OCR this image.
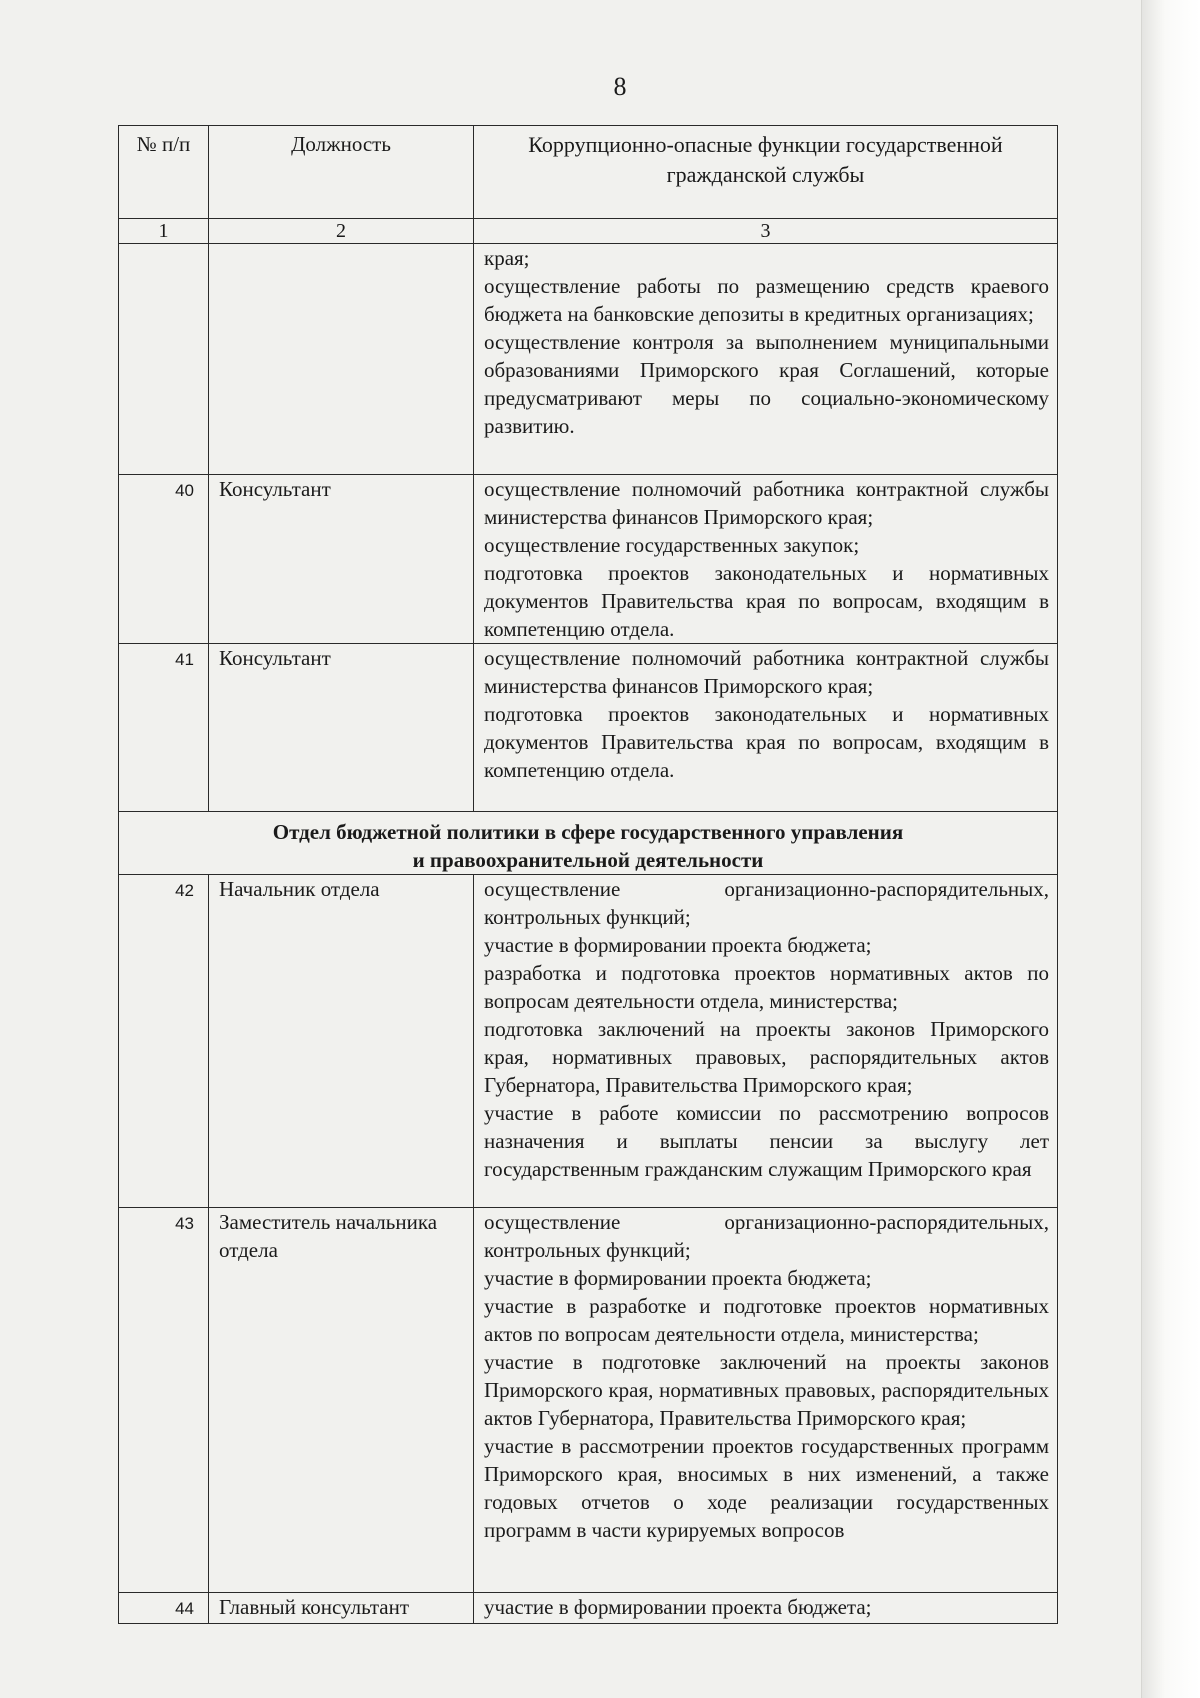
8
№ п/п	Должность	Коррупционно-опасные функции государственной
гражданской службы

1	2	3

		края;
осуществление работы по размещению средств краевого бюджета на банковские депозиты в кредитных организациях;
осуществление контроля за выполнением муниципальными образованиями Приморского края Соглашений, которые предусматривают меры по социально-экономическому развитию.

40	Консультант	осуществление полномочий работника контрактной службы министерства финансов Приморского края;
осуществление государственных закупок;
подготовка проектов законодательных и нормативных документов Правительства края по вопросам, входящим в компетенцию отдела.

41	Консультант	осуществление полномочий работника контрактной службы министерства финансов Приморского края;
подготовка проектов законодательных и нормативных документов Правительства края по вопросам, входящим в компетенцию отдела.

Отдел бюджетной политики в сфере государственного управления
и правоохранительной деятельности		

42	Начальник отдела	осуществление организационно-распорядительных, контрольных функций;
участие в формировании проекта бюджета;
разработка и подготовка проектов нормативных актов по вопросам деятельности отдела, министерства;
подготовка заключений на проекты законов Приморского края, нормативных правовых, распорядительных актов Губернатора, Правительства Приморского края;
участие в работе комиссии по рассмотрению вопросов назначения и выплаты пенсии за выслугу лет государственным гражданским служащим Приморского края

43	Заместитель начальника отдела	осуществление организационно-распорядительных, контрольных функций;
участие в формировании проекта бюджета;
участие в разработке и подготовке проектов нормативных актов по вопросам деятельности отдела, министерства;
участие в подготовке заключений на проекты законов Приморского края, нормативных правовых, распорядительных актов Губернатора, Правительства Приморского края;
участие в рассмотрении проектов государственных программ Приморского края, вносимых в них изменений, а также годовых отчетов о ходе реализации государственных программ в части курируемых вопросов

44	Главный консультант	участие в формировании проекта бюджета;
